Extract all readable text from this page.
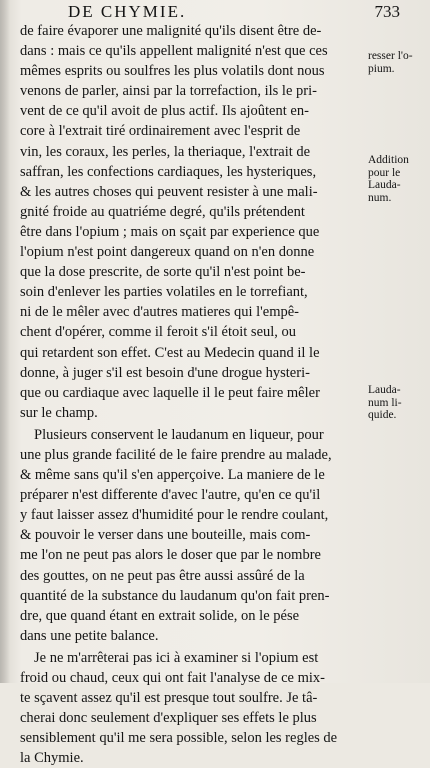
DE CHYMIE.	733
de faire évaporer une malignité qu'ils disent être de-
dans : mais ce qu'ils appellent malignité n'est que ces
mêmes esprits ou soulfres les plus volatils dont nous
venons de parler, ainsi par la torrefaction, ils le pri-
vent de ce qu'il avoit de plus actif. Ils ajoûtent en-
core à l'extrait tiré ordinairement avec l'esprit de
vin, les coraux, les perles, la theriaque, l'extrait de
saffran, les confections cardiaques, les hysteriques,
& les autres choses qui peuvent resister à une mali-
gnité froide au quatriéme degré, qu'ils prétendent
être dans l'opium ; mais on sçait par experience que
l'opium n'est point dangereux quand on n'en donne
que la dose prescrite, de sorte qu'il n'est point be-
soin d'enlever les parties volatiles en le torrefiant,
ni de le mêler avec d'autres matieres qui l'empê-
chent d'opérer, comme il feroit s'il étoit seul, ou
qui retardent son effet. C'est au Medecin quand il le
donne, à juger s'il est besoin d'une drogue hysteri-
que ou cardiaque avec laquelle il le peut faire mêler
sur le champ.
Plusieurs conservent le laudanum en liqueur, pour
une plus grande facilité de le faire prendre au malade,
& même sans qu'il s'en apperçoive. La maniere de le
préparer n'est differente d'avec l'autre, qu'en ce qu'il
y faut laisser assez d'humidité pour le rendre coulant,
& pouvoir le verser dans une bouteille, mais com-
me l'on ne peut pas alors le doser que par le nombre
des gouttes, on ne peut pas être aussi assûré de la
quantité de la substance du laudanum qu'on fait pren-
dre, que quand étant en extrait solide, on le pése
dans une petite balance.
Je ne m'arrêterai pas ici à examiner si l'opium est
froid ou chaud, ceux qui ont fait l'analyse de ce mix-
te sçavent assez qu'il est presque tout soulfre. Je tâ-
cherai donc seulement d'expliquer ses effets le plus
sensiblement qu'il me sera possible, selon les regles de
la Chymie.
resser l'o-
pium.
Addition
pour le
Lauda-
num.
Lauda-
num li-
quide.
